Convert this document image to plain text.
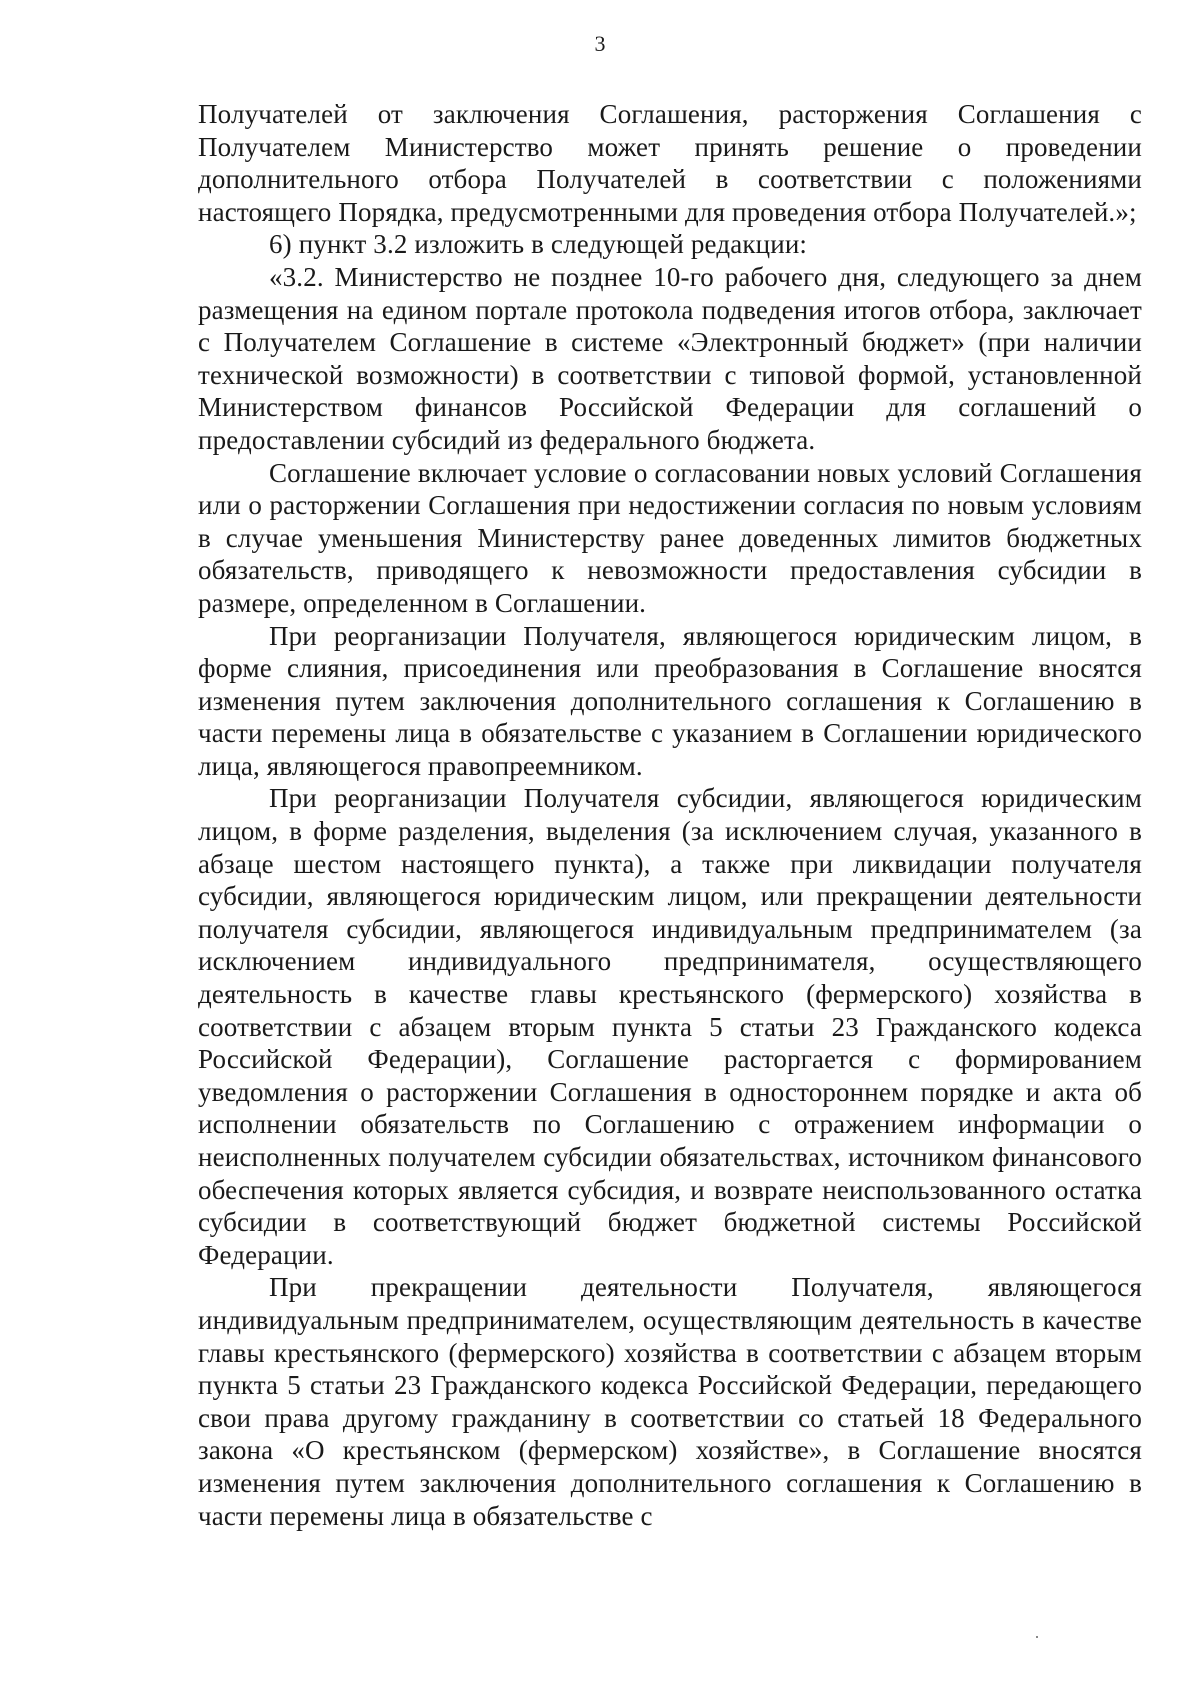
3

Получателей от заключения Соглашения, расторжения Соглашения с Получателем Министерство может принять решение о проведении дополнительного отбора Получателей в соответствии с положениями настоящего Порядка, предусмотренными для проведения отбора Получателей.»;

6) пункт 3.2 изложить в следующей редакции:

«3.2. Министерство не позднее 10-го рабочего дня, следующего за днем размещения на едином портале протокола подведения итогов отбора, заключает с Получателем Соглашение в системе «Электронный бюджет» (при наличии технической возможности) в соответствии с типовой формой, установленной Министерством финансов Российской Федерации для соглашений о предоставлении субсидий из федерального бюджета.

Соглашение включает условие о согласовании новых условий Соглашения или о расторжении Соглашения при недостижении согласия по новым условиям в случае уменьшения Министерству ранее доведенных лимитов бюджетных обязательств, приводящего к невозможности предоставления субсидии в размере, определенном в Соглашении.

При реорганизации Получателя, являющегося юридическим лицом, в форме слияния, присоединения или преобразования в Соглашение вносятся изменения путем заключения дополнительного соглашения к Соглашению в части перемены лица в обязательстве с указанием в Соглашении юридического лица, являющегося правопреемником.

При реорганизации Получателя субсидии, являющегося юридическим лицом, в форме разделения, выделения (за исключением случая, указанного в абзаце шестом настоящего пункта), а также при ликвидации получателя субсидии, являющегося юридическим лицом, или прекращении деятельности получателя субсидии, являющегося индивидуальным предпринимателем (за исключением индивидуального предпринимателя, осуществляющего деятельность в качестве главы крестьянского (фермерского) хозяйства в соответствии с абзацем вторым пункта 5 статьи 23 Гражданского кодекса Российской Федерации), Соглашение расторгается с формированием уведомления о расторжении Соглашения в одностороннем порядке и акта об исполнении обязательств по Соглашению с отражением информации о неисполненных получателем субсидии обязательствах, источником финансового обеспечения которых является субсидия, и возврате неиспользованного остатка субсидии в соответствующий бюджет бюджетной системы Российской Федерации.

При прекращении деятельности Получателя, являющегося индивидуальным предпринимателем, осуществляющим деятельность в качестве главы крестьянского (фермерского) хозяйства в соответствии с абзацем вторым пункта 5 статьи 23 Гражданского кодекса Российской Федерации, передающего свои права другому гражданину в соответствии со статьей 18 Федерального закона «О крестьянском (фермерском) хозяйстве», в Соглашение вносятся изменения путем заключения дополнительного соглашения к Соглашению в части перемены лица в обязательстве с
